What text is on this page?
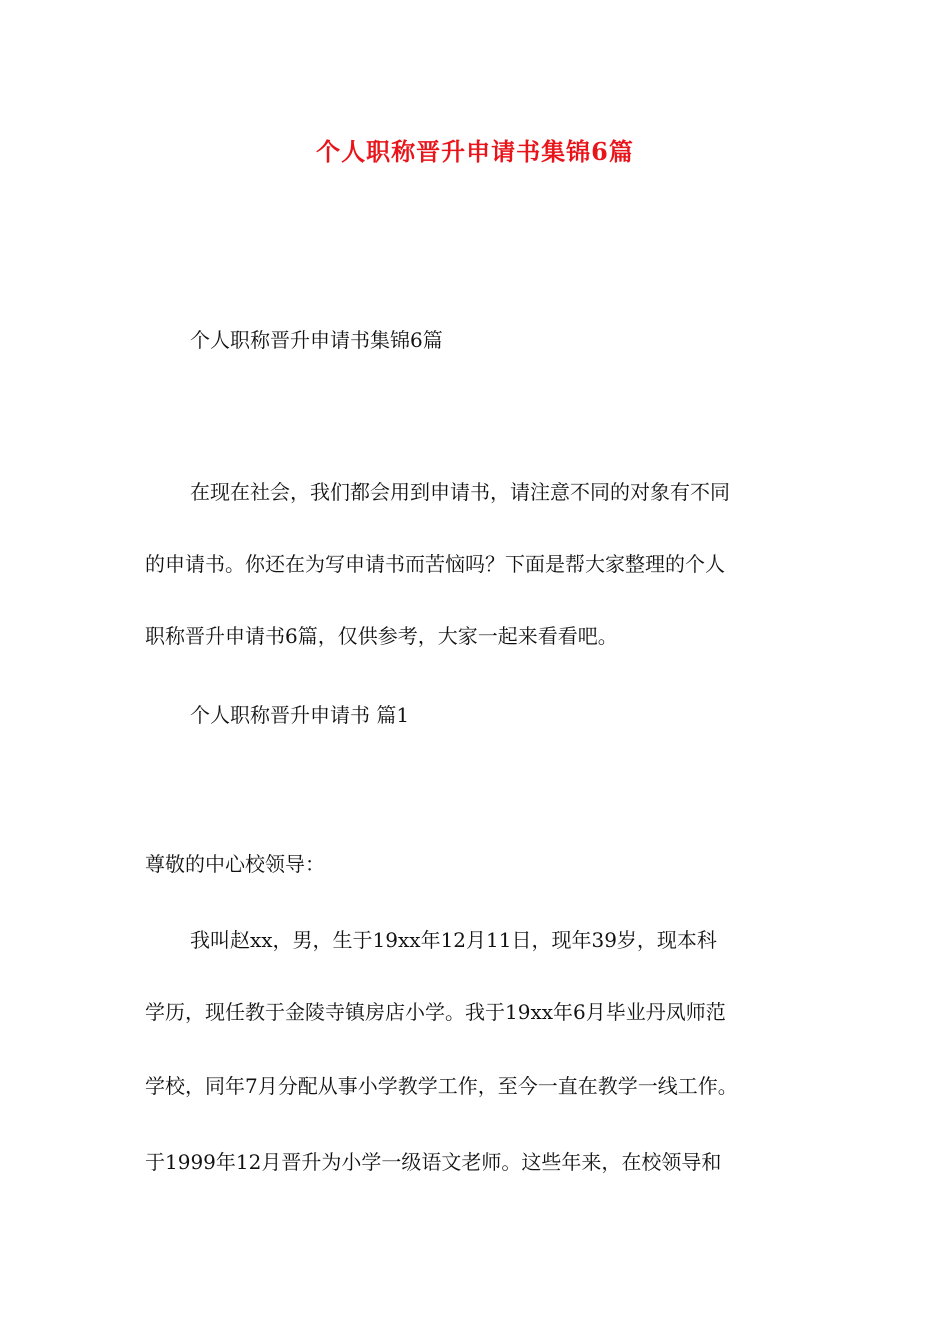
个人职称晋升申请书集锦6篇
个人职称晋升申请书集锦6篇
在现在社会，我们都会用到申请书，请注意不同的对象有不同
的申请书。你还在为写申请书而苦恼吗？下面是帮大家整理的个人
职称晋升申请书6篇，仅供参考，大家一起来看看吧。
个人职称晋升申请书 篇1
尊敬的中心校领导：
我叫赵xx，男，生于19xx年12月11日，现年39岁，现本科
学历，现任教于金陵寺镇房店小学。我于19xx年6月毕业丹凤师范
学校，同年7月分配从事小学教学工作，至今一直在教学一线工作。
于1999年12月晋升为小学一级语文老师。这些年来，在校领导和
